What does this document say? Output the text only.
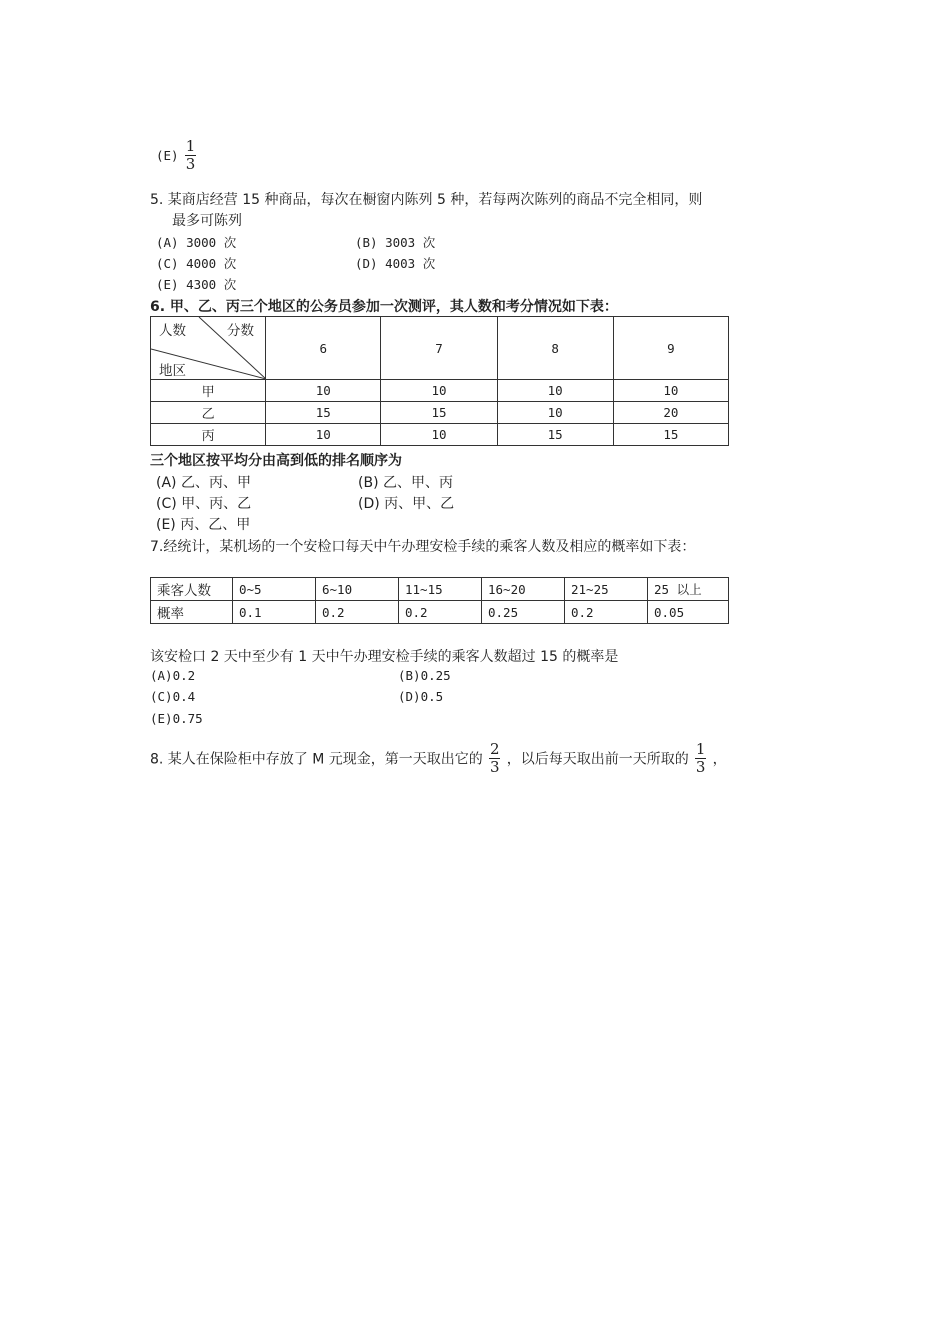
$(E) \frac{1}{3}$
5. 某商店经营 15 种商品，每次在橱窗内陈列 5 种，若每两次陈列的商品不完全相同，则
最多可陈列
(A) 3000 次	(B) 3003 次
(C) 4000 次	(D) 4003 次
(E) 4300 次
6. 甲、乙、丙三个地区的公务员参加一次测评，其人数和考分情况如下表：
人数 分数
地区	6	7	8	9
甲	10	10	10	10
乙	15	15	10	20
丙	10	10	15	15
三个地区按平均分由高到低的排名顺序为
(A) 乙、丙、甲	(B) 乙、甲、丙
(C) 甲、丙、乙	(D) 丙、甲、乙
(E) 丙、乙、甲
7.经统计，某机场的一个安检口每天中午办理安检手续的乘客人数及相应的概率如下表：
乘客人数	0~5	6~10	11~15	16~20	21~25	25 以上
概率	0.1	0.2	0.2	0.25	0.2	0.05
该安检口 2 天中至少有 1 天中午办理安检手续的乘客人数超过 15 的概率是
(A)0.2	(B)0.25
(C)0.4	(D)0.5
(E)0.75
8. 某人在保险柜中存放了 M 元现金，第一天取出它的 $\frac{2}{3}$ ，以后每天取出前一天所取的 $\frac{1}{3}$ ，
